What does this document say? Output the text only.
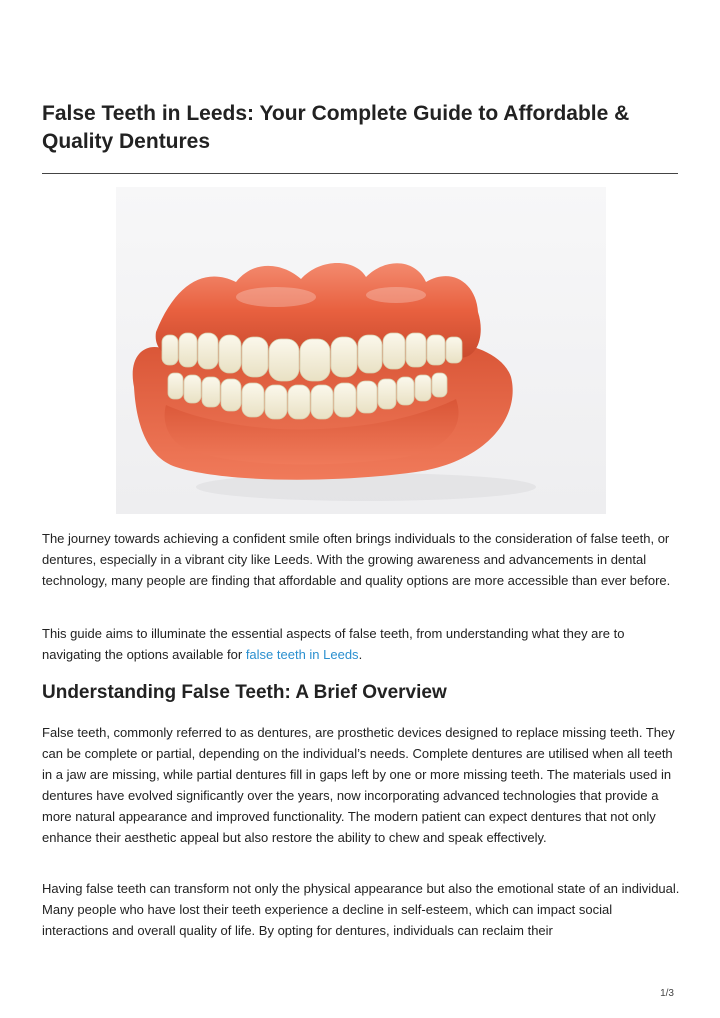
False Teeth in Leeds: Your Complete Guide to Affordable & Quality Dentures

The journey towards achieving a confident smile often brings individuals to the consideration of false teeth, or dentures, especially in a vibrant city like Leeds. With the growing awareness and advancements in dental technology, many people are finding that affordable and quality options are more accessible than ever before.

This guide aims to illuminate the essential aspects of false teeth, from understanding what they are to navigating the options available for false teeth in Leeds.

Understanding False Teeth: A Brief Overview

False teeth, commonly referred to as dentures, are prosthetic devices designed to replace missing teeth. They can be complete or partial, depending on the individual’s needs. Complete dentures are utilised when all teeth in a jaw are missing, while partial dentures fill in gaps left by one or more missing teeth. The materials used in dentures have evolved significantly over the years, now incorporating advanced technologies that provide a more natural appearance and improved functionality. The modern patient can expect dentures that not only enhance their aesthetic appeal but also restore the ability to chew and speak effectively.

Having false teeth can transform not only the physical appearance but also the emotional state of an individual. Many people who have lost their teeth experience a decline in self-esteem, which can impact social interactions and overall quality of life. By opting for dentures, individuals can reclaim their

1/3
